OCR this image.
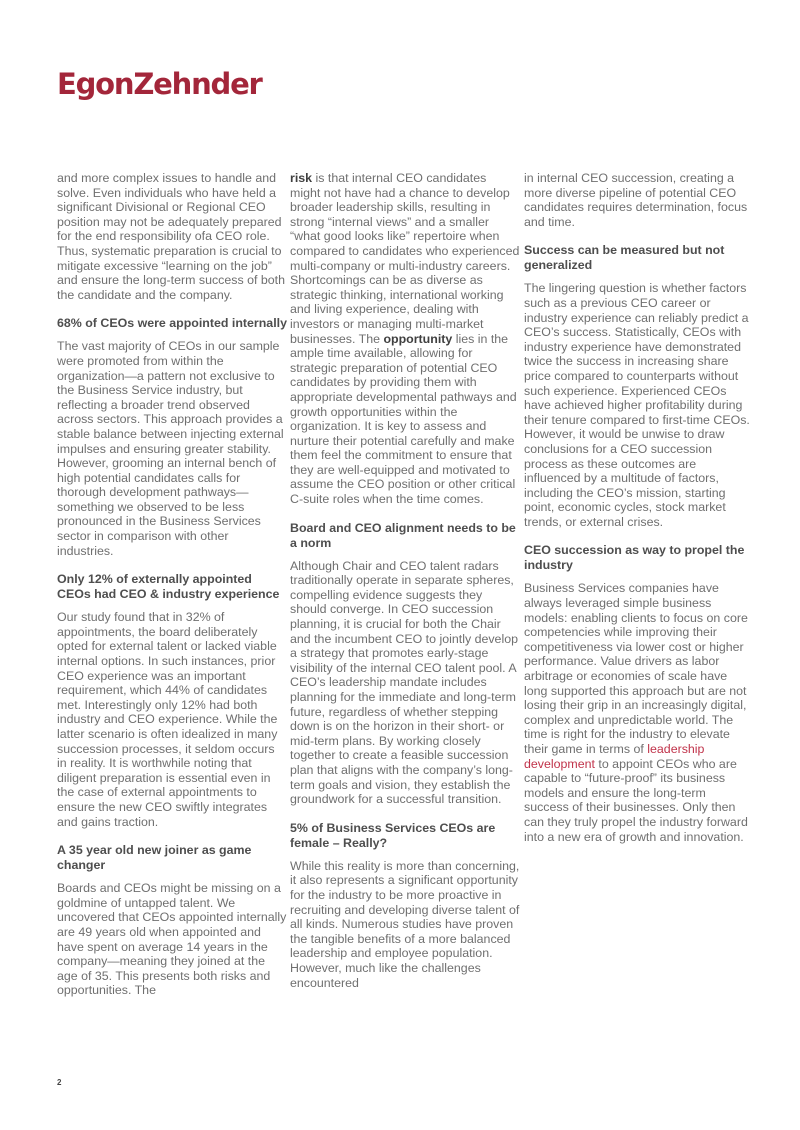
EgonZehnder

and more complex issues to handle and solve. Even individuals who have held a significant Divisional or Regional CEO position may not be adequately prepared for the end responsibility ofa CEO role. Thus, systematic preparation is crucial to mitigate excessive “learning on the job” and ensure the long-term success of both the candidate and the company.

68% of CEOs were appointed internally

The vast majority of CEOs in our sample were promoted from within the organization—a pattern not exclusive to the Business Service industry, but reflecting a broader trend observed across sectors. This approach provides a stable balance between injecting external impulses and ensuring greater stability. However, grooming an internal bench of high potential candidates calls for thorough development pathways—something we observed to be less pronounced in the Business Services sector in comparison with other industries.

Only 12% of externally appointed CEOs had CEO & industry experience

Our study found that in 32% of appointments, the board deliberately opted for external talent or lacked viable internal options. In such instances, prior CEO experience was an important requirement, which 44% of candidates met. Interestingly only 12% had both industry and CEO experience. While the latter scenario is often idealized in many succession processes, it seldom occurs in reality. It is worthwhile noting that diligent preparation is essential even in the case of external appointments to ensure the new CEO swiftly integrates and gains traction.

A 35 year old new joiner as game changer

Boards and CEOs might be missing on a goldmine of untapped talent. We uncovered that CEOs appointed internally are 49 years old when appointed and have spent on average 14 years in the company—meaning they joined at the age of 35. This presents both risks and opportunities. The

risk is that internal CEO candidates might not have had a chance to develop broader leadership skills, resulting in strong “internal views” and a smaller “what good looks like” repertoire when compared to candidates who experienced multi-company or multi-industry careers. Shortcomings can be as diverse as strategic thinking, international working and living experience, dealing with investors or managing multi-market businesses. The opportunity lies in the ample time available, allowing for strategic preparation of potential CEO candidates by providing them with appropriate developmental pathways and growth opportunities within the organization. It is key to assess and nurture their potential carefully and make them feel the commitment to ensure that they are well-equipped and motivated to assume the CEO position or other critical C-suite roles when the time comes.

Board and CEO alignment needs to be a norm

Although Chair and CEO talent radars traditionally operate in separate spheres, compelling evidence suggests they should converge. In CEO succession planning, it is crucial for both the Chair and the incumbent CEO to jointly develop a strategy that promotes early-stage visibility of the internal CEO talent pool. A CEO’s leadership mandate includes planning for the immediate and long-term future, regardless of whether stepping down is on the horizon in their short- or mid-term plans. By working closely together to create a feasible succession plan that aligns with the company’s long-term goals and vision, they establish the groundwork for a successful transition.

5% of Business Services CEOs are female – Really?

While this reality is more than concerning, it also represents a significant opportunity for the industry to be more proactive in recruiting and developing diverse talent of all kinds. Numerous studies have proven the tangible benefits of a more balanced leadership and employee population. However, much like the challenges encountered

in internal CEO succession, creating a more diverse pipeline of potential CEO candidates requires determination, focus and time.

Success can be measured but not generalized

The lingering question is whether factors such as a previous CEO career or industry experience can reliably predict a CEO’s success. Statistically, CEOs with industry experience have demonstrated twice the success in increasing share price compared to counterparts without such experience. Experienced CEOs have achieved higher profitability during their tenure compared to first-time CEOs. However, it would be unwise to draw conclusions for a CEO succession process as these outcomes are influenced by a multitude of factors, including the CEO’s mission, starting point, economic cycles, stock market trends, or external crises.

CEO succession as way to propel the industry

Business Services companies have always leveraged simple business models: enabling clients to focus on core competencies while improving their competitiveness via lower cost or higher performance. Value drivers as labor arbitrage or economies of scale have long supported this approach but are not losing their grip in an increasingly digital, complex and unpredictable world. The time is right for the industry to elevate their game in terms of leadership development to appoint CEOs who are capable to “future-proof” its business models and ensure the long-term success of their businesses. Only then can they truly propel the industry forward into a new era of growth and innovation.

2
